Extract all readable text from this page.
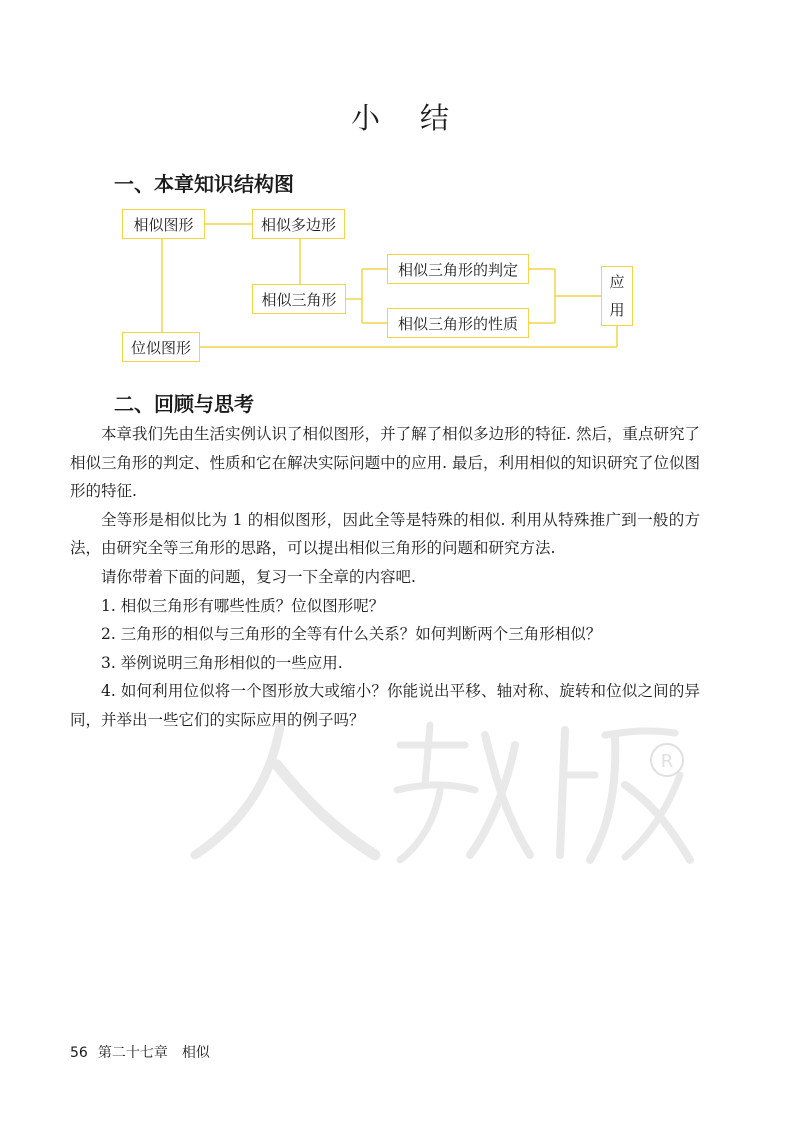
小 结
一、本章知识结构图
相似图形	相似多边形
相似三角形
相似三角形的判定
相似三角形的性质
应
用
位似图形
二、回顾与思考

本章我们先由生活实例认识了相似图形，并了解了相似多边形的特征. 然后，重点研究了相似三角形的判定、性质和它在解决实际问题中的应用. 最后，利用相似的知识研究了位似图形的特征.

全等形是相似比为 1 的相似图形，因此全等是特殊的相似. 利用从特殊推广到一般的方法，由研究全等三角形的思路，可以提出相似三角形的问题和研究方法.

请你带着下面的问题，复习一下全章的内容吧.

1. 相似三角形有哪些性质？位似图形呢？

2. 三角形的相似与三角形的全等有什么关系？如何判断两个三角形相似？

3. 举例说明三角形相似的一些应用.

4. 如何利用位似将一个图形放大或缩小？你能说出平移、轴对称、旋转和位似之间的异同，并举出一些它们的实际应用的例子吗？

R
56 第二十七章 相似
